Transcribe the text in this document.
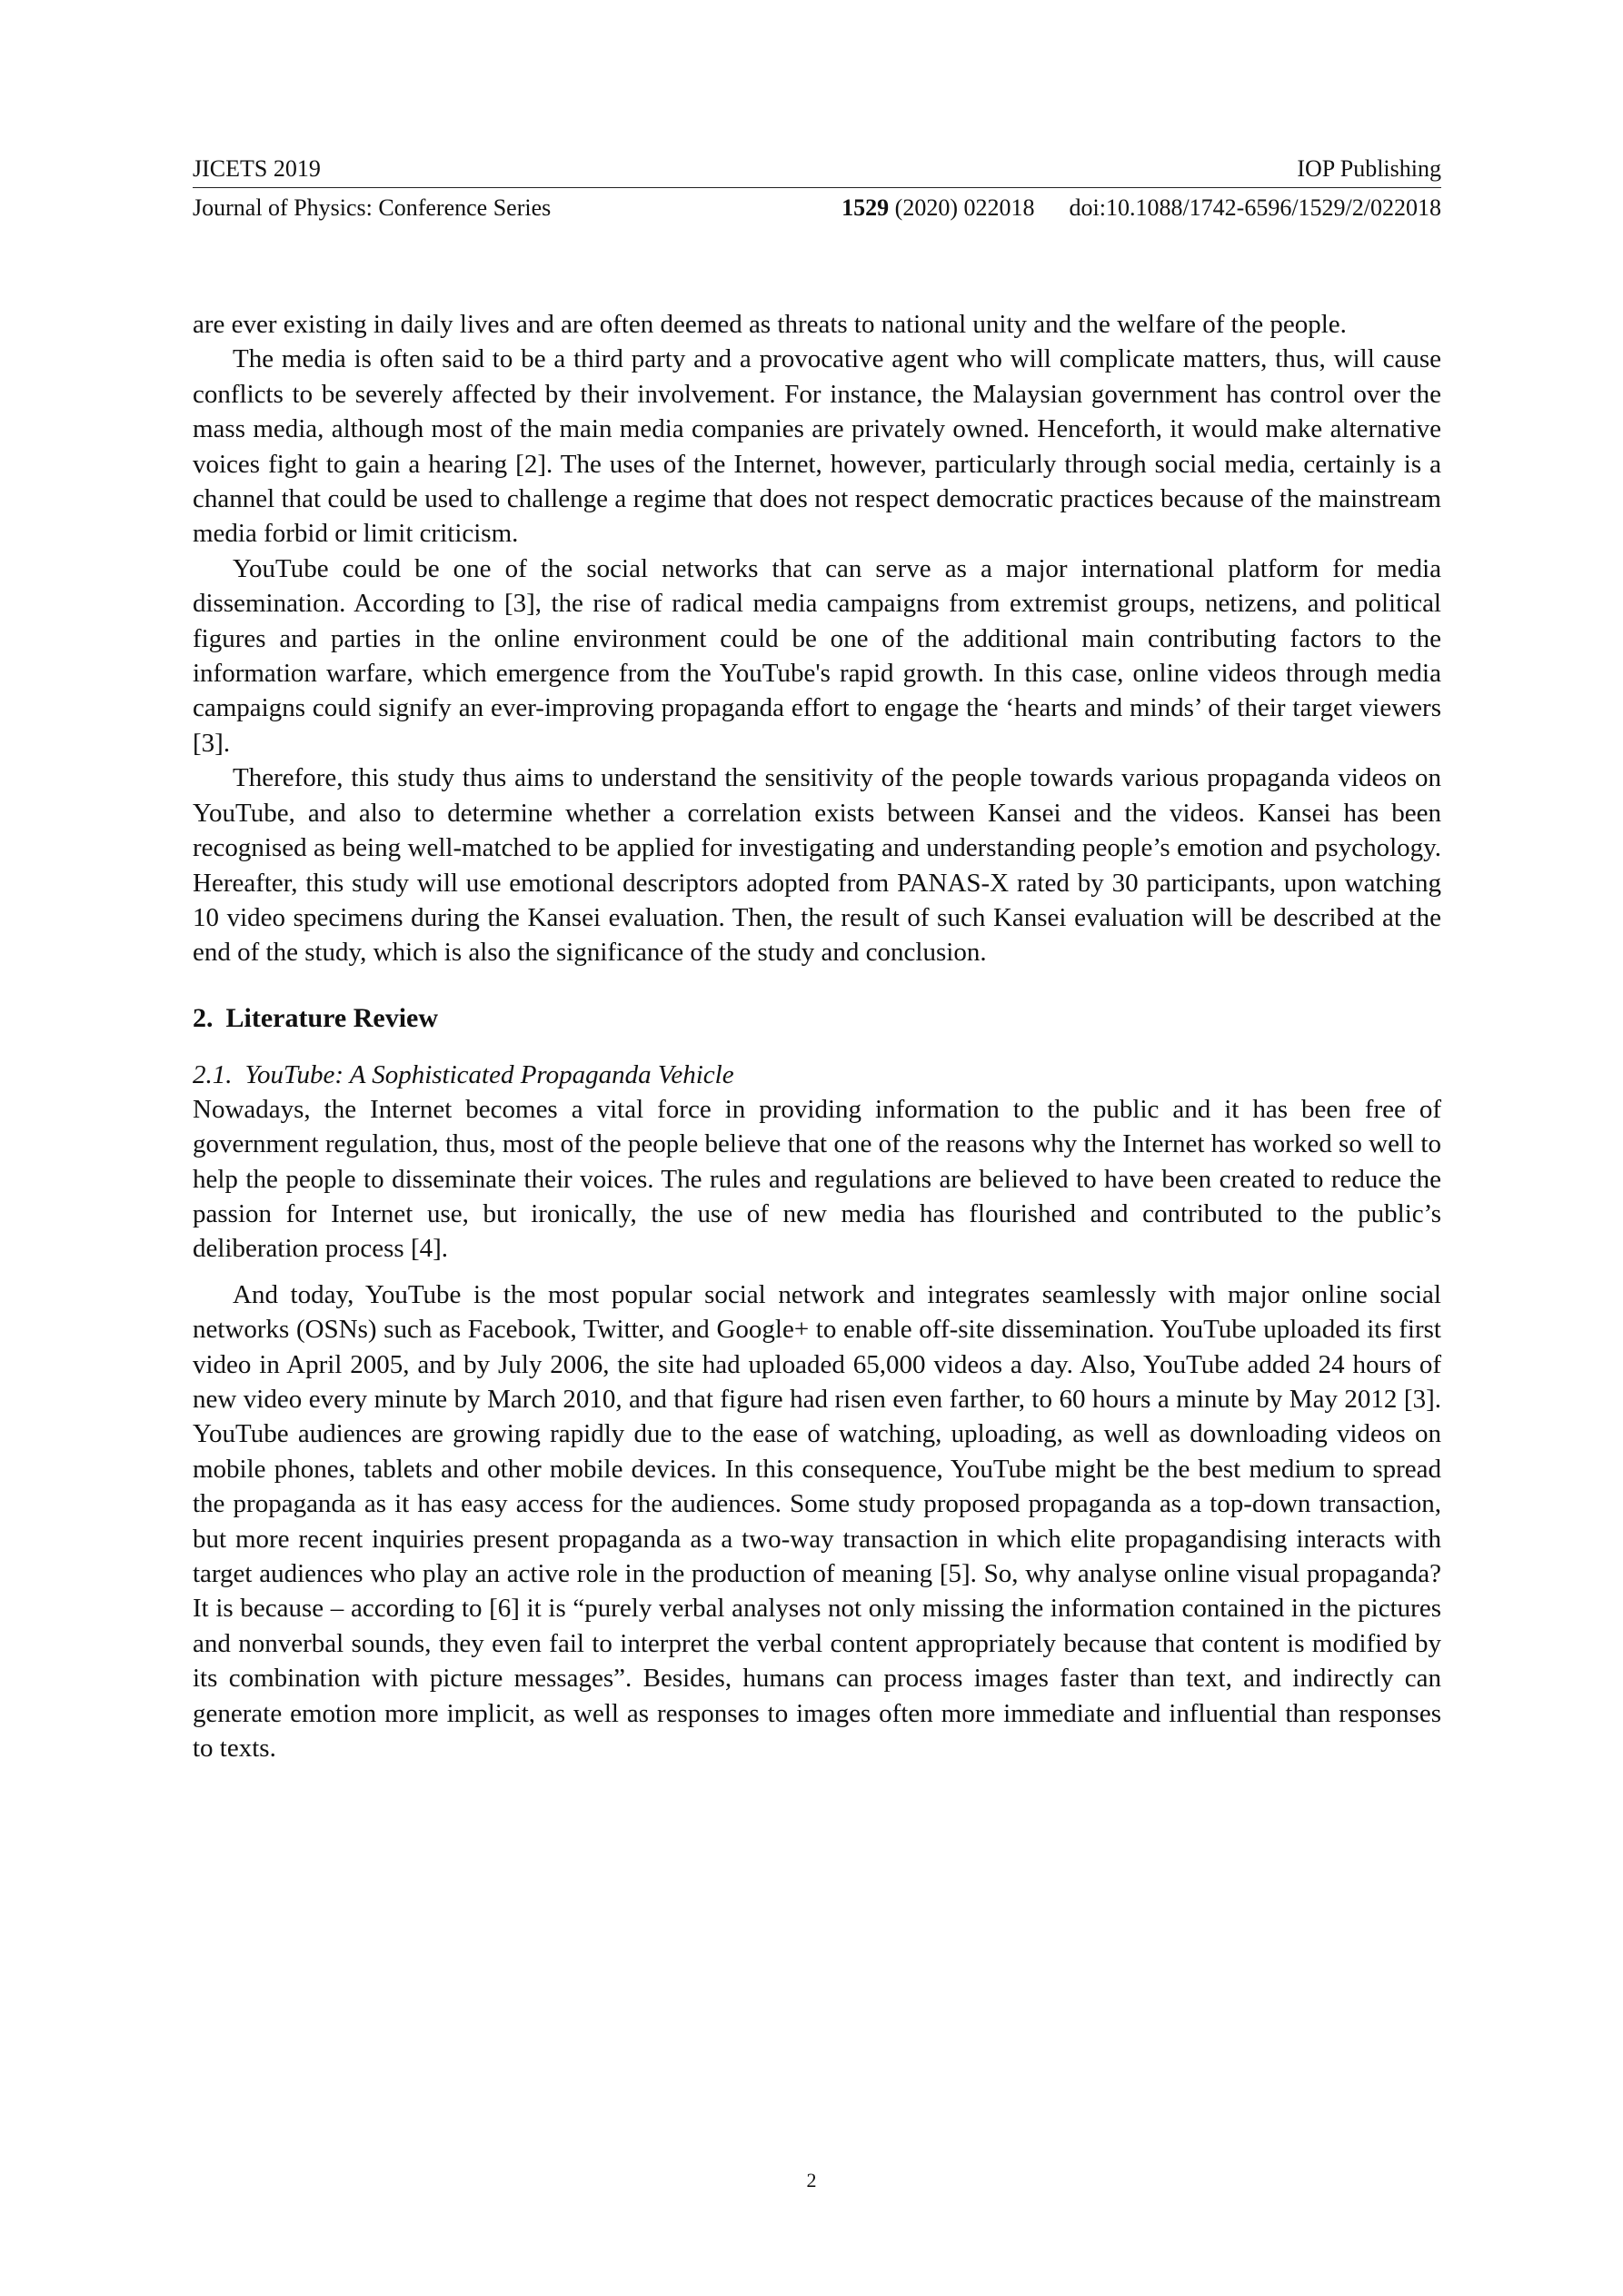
JICETS 2019	IOP Publishing
Journal of Physics: Conference Series	1529 (2020) 022018 doi:10.1088/1742-6596/1529/2/022018

are ever existing in daily lives and are often deemed as threats to national unity and the welfare of the people.

The media is often said to be a third party and a provocative agent who will complicate matters, thus, will cause conflicts to be severely affected by their involvement. For instance, the Malaysian government has control over the mass media, although most of the main media companies are privately owned. Henceforth, it would make alternative voices fight to gain a hearing [2]. The uses of the Internet, however, particularly through social media, certainly is a channel that could be used to challenge a regime that does not respect democratic practices because of the mainstream media forbid or limit criticism.

YouTube could be one of the social networks that can serve as a major international platform for media dissemination. According to [3], the rise of radical media campaigns from extremist groups, netizens, and political figures and parties in the online environment could be one of the additional main contributing factors to the information warfare, which emergence from the YouTube's rapid growth. In this case, online videos through media campaigns could signify an ever-improving propaganda effort to engage the ‘hearts and minds’ of their target viewers [3].

Therefore, this study thus aims to understand the sensitivity of the people towards various propaganda videos on YouTube, and also to determine whether a correlation exists between Kansei and the videos. Kansei has been recognised as being well-matched to be applied for investigating and understanding people’s emotion and psychology. Hereafter, this study will use emotional descriptors adopted from PANAS-X rated by 30 participants, upon watching 10 video specimens during the Kansei evaluation. Then, the result of such Kansei evaluation will be described at the end of the study, which is also the significance of the study and conclusion.

2. Literature Review
2.1. YouTube: A Sophisticated Propaganda Vehicle

Nowadays, the Internet becomes a vital force in providing information to the public and it has been free of government regulation, thus, most of the people believe that one of the reasons why the Internet has worked so well to help the people to disseminate their voices. The rules and regulations are believed to have been created to reduce the passion for Internet use, but ironically, the use of new media has flourished and contributed to the public’s deliberation process [4].

And today, YouTube is the most popular social network and integrates seamlessly with major online social networks (OSNs) such as Facebook, Twitter, and Google+ to enable off-site dissemination. YouTube uploaded its first video in April 2005, and by July 2006, the site had uploaded 65,000 videos a day. Also, YouTube added 24 hours of new video every minute by March 2010, and that figure had risen even farther, to 60 hours a minute by May 2012 [3]. YouTube audiences are growing rapidly due to the ease of watching, uploading, as well as downloading videos on mobile phones, tablets and other mobile devices. In this consequence, YouTube might be the best medium to spread the propaganda as it has easy access for the audiences. Some study proposed propaganda as a top-down transaction, but more recent inquiries present propaganda as a two-way transaction in which elite propagandising interacts with target audiences who play an active role in the production of meaning [5]. So, why analyse online visual propaganda? It is because – according to [6] it is “purely verbal analyses not only missing the information contained in the pictures and nonverbal sounds, they even fail to interpret the verbal content appropriately because that content is modified by its combination with picture messages”. Besides, humans can process images faster than text, and indirectly can generate emotion more implicit, as well as responses to images often more immediate and influential than responses to texts.

2
